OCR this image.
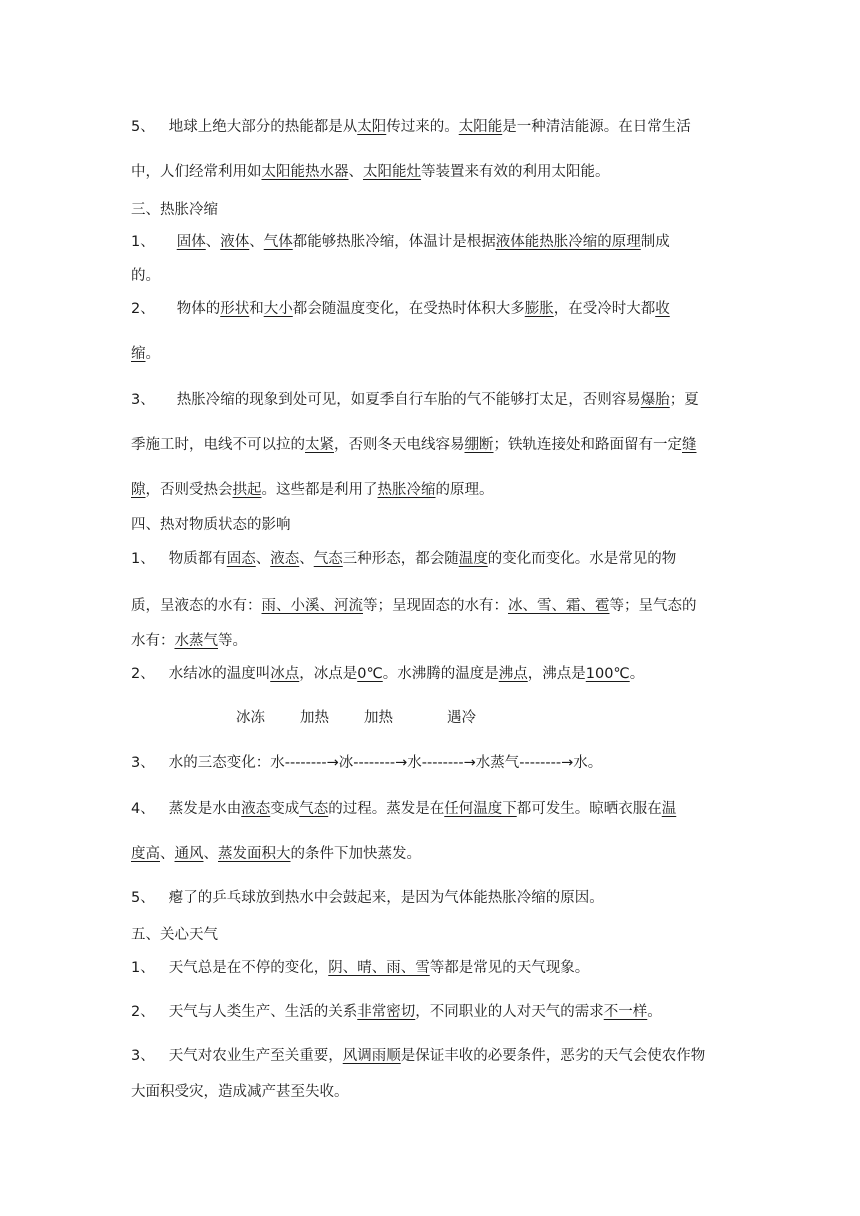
5、 地球上绝大部分的热能都是从太阳传过来的。太阳能是一种清洁能源。在日常生活
中，人们经常利用如太阳能热水器、太阳能灶等装置来有效的利用太阳能。
三、热胀冷缩
1、 固体、液体、气体都能够热胀冷缩，体温计是根据液体能热胀冷缩的原理制成
的。
2、 物体的形状和大小都会随温度变化，在受热时体积大多膨胀，在受冷时大都收
缩。
3、 热胀冷缩的现象到处可见，如夏季自行车胎的气不能够打太足，否则容易爆胎；夏
季施工时，电线不可以拉的太紧，否则冬天电线容易绷断；铁轨连接处和路面留有一定缝
隙，否则受热会拱起。这些都是利用了热胀冷缩的原理。
四、热对物质状态的影响
1、 物质都有固态、液态、气态三种形态，都会随温度的变化而变化。水是常见的物
质，呈液态的水有：雨、小溪、河流等；呈现固态的水有：冰、雪、霜、雹等；呈气态的
水有：水蒸气等。
2、 水结冰的温度叫冰点，冰点是0℃。水沸腾的温度是沸点，沸点是100℃。
冰冻 加热 加热	遇冷
3、 水的三态变化：水--------→冰--------→水--------→水蒸气--------→水。
4、 蒸发是水由液态变成气态的过程。蒸发是在任何温度下都可发生。晾晒衣服在温
度高、通风、蒸发面积大的条件下加快蒸发。
5、 瘪了的乒乓球放到热水中会鼓起来，是因为气体能热胀冷缩的原因。
五、关心天气
1、 天气总是在不停的变化，阴、晴、雨、雪等都是常见的天气现象。
2、 天气与人类生产、生活的关系非常密切，不同职业的人对天气的需求不一样。
3、 天气对农业生产至关重要，风调雨顺是保证丰收的必要条件，恶劣的天气会使农作物
大面积受灾，造成减产甚至失收。
